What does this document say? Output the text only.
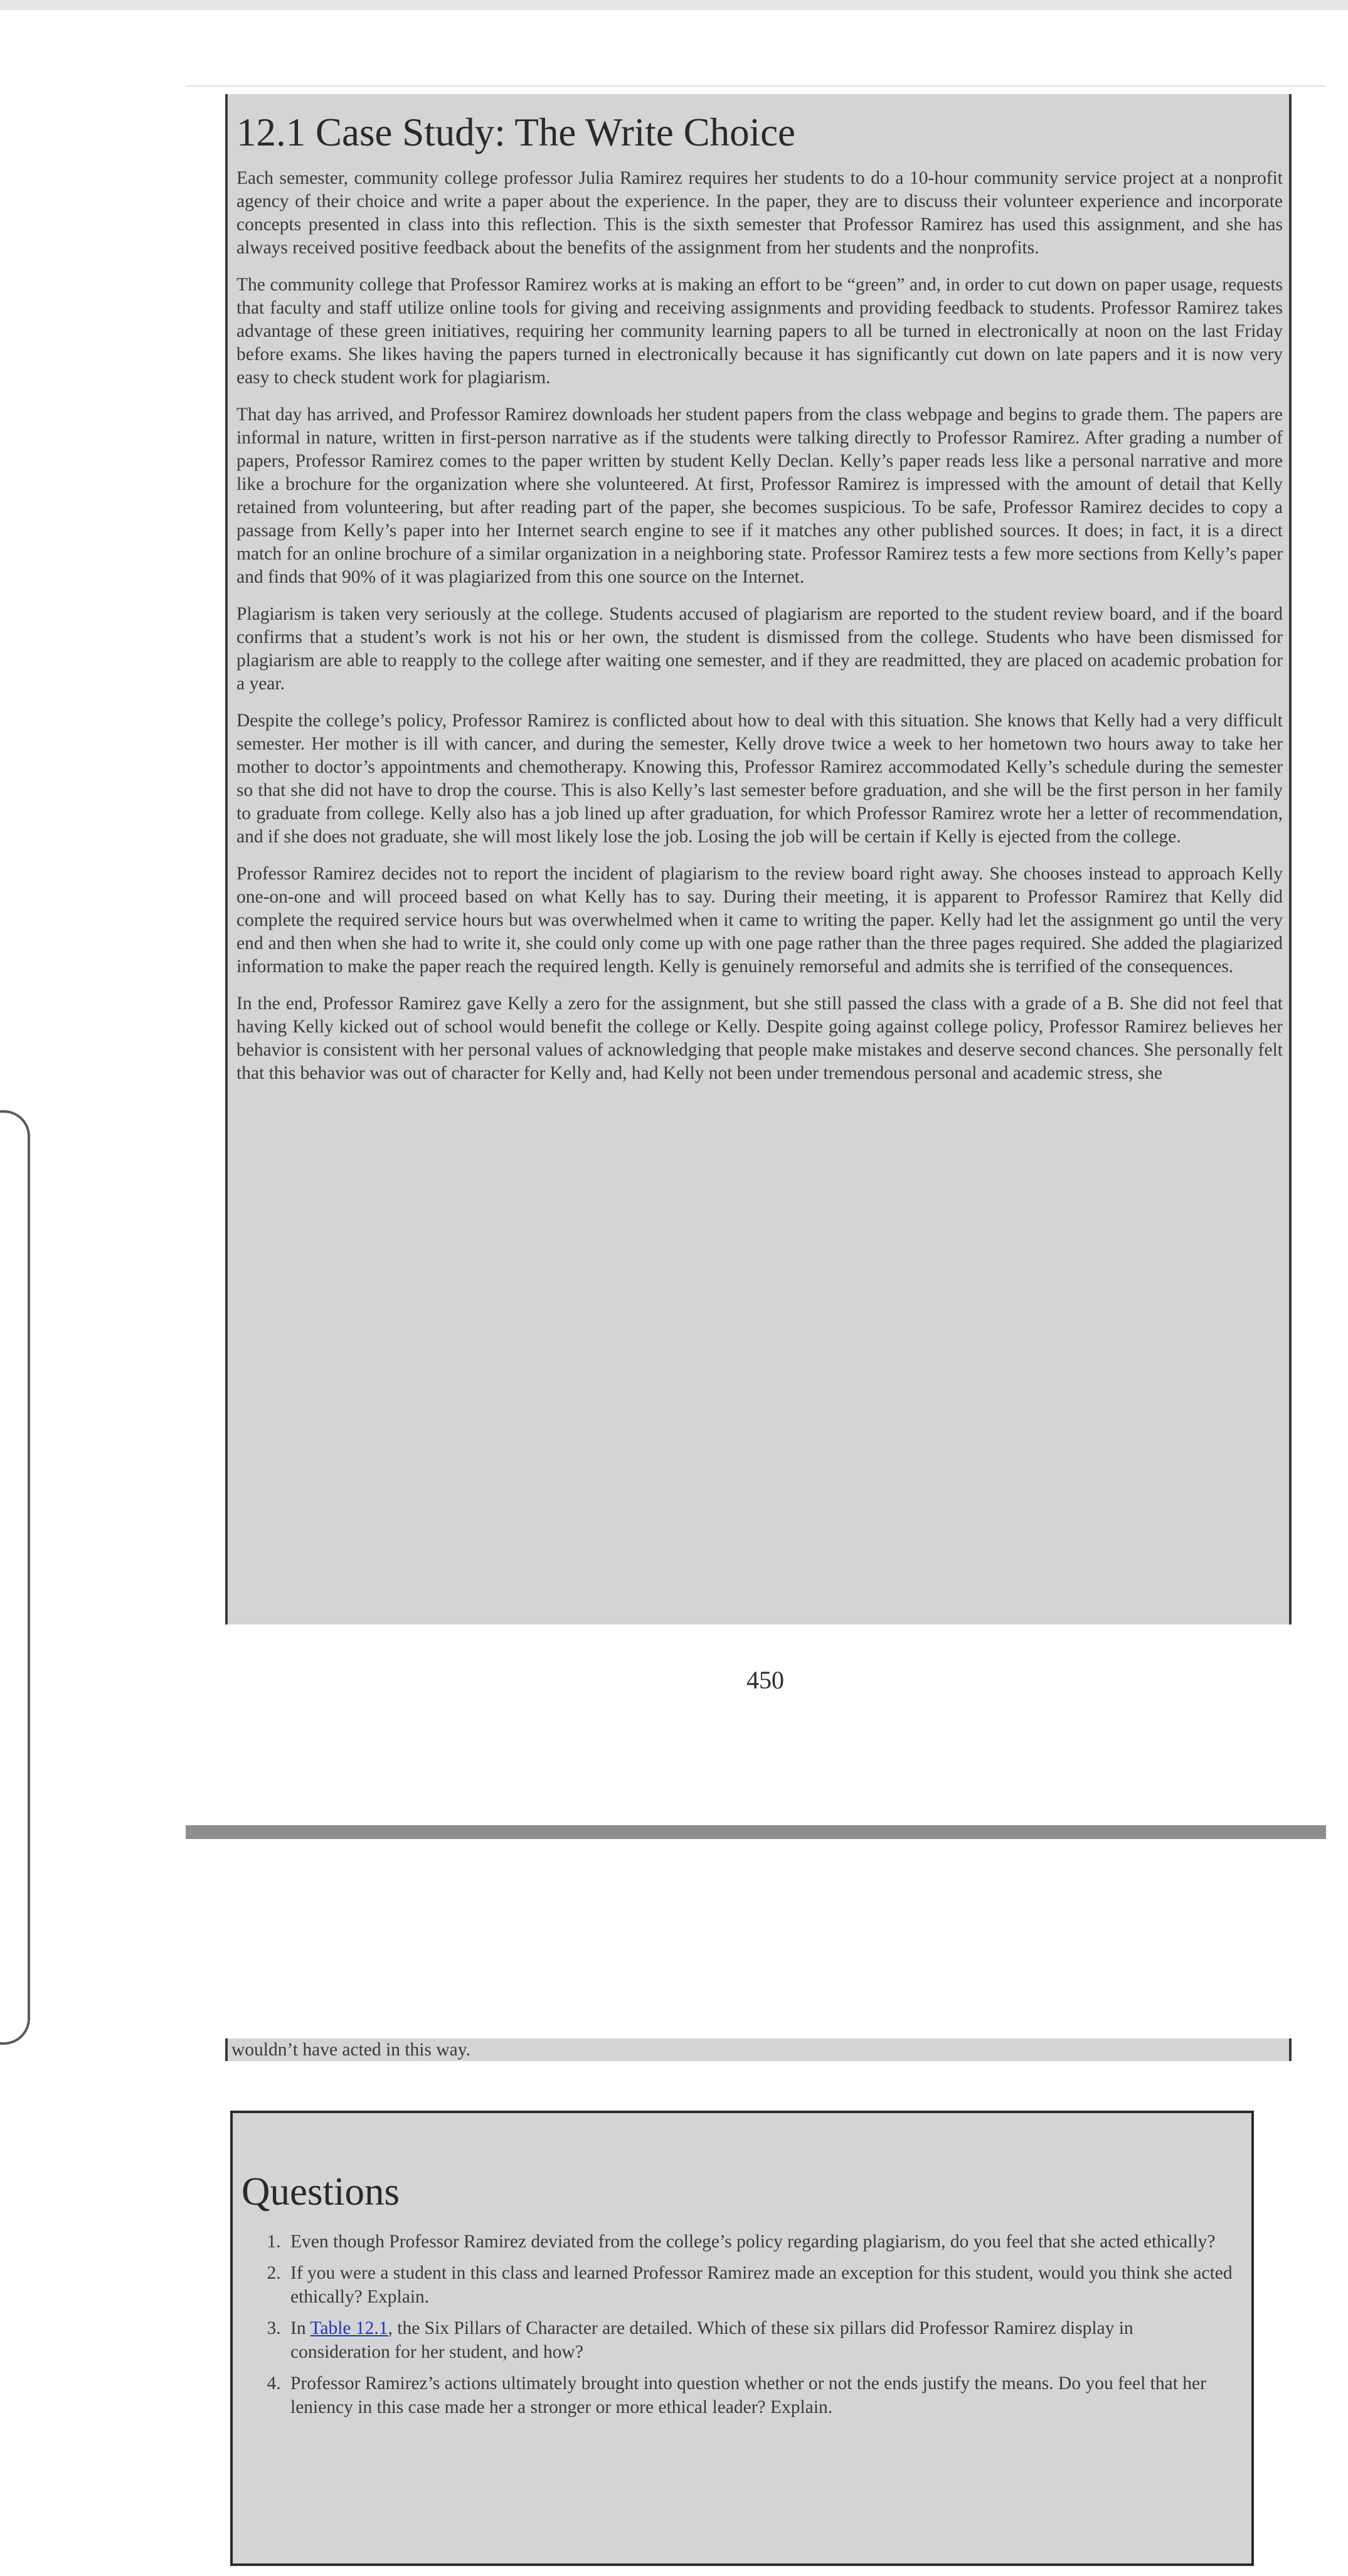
12.1 Case Study: The Write Choice

Each semester, community college professor Julia Ramirez requires her students to do a 10-hour community service project at a nonprofit agency of their choice and write a paper about the experience. In the paper, they are to discuss their volunteer experience and incorporate concepts presented in class into this reflection. This is the sixth semester that Professor Ramirez has used this assignment, and she has always received positive feedback about the benefits of the assignment from her students and the nonprofits.

The community college that Professor Ramirez works at is making an effort to be “green” and, in order to cut down on paper usage, requests that faculty and staff utilize online tools for giving and receiving assignments and providing feedback to students. Professor Ramirez takes advantage of these green initiatives, requiring her community learning papers to all be turned in electronically at noon on the last Friday before exams. She likes having the papers turned in electronically because it has significantly cut down on late papers and it is now very easy to check student work for plagiarism.

That day has arrived, and Professor Ramirez downloads her student papers from the class webpage and begins to grade them. The papers are informal in nature, written in first-person narrative as if the students were talking directly to Professor Ramirez. After grading a number of papers, Professor Ramirez comes to the paper written by student Kelly Declan. Kelly’s paper reads less like a personal narrative and more like a brochure for the organization where she volunteered. At first, Professor Ramirez is impressed with the amount of detail that Kelly retained from volunteering, but after reading part of the paper, she becomes suspicious. To be safe, Professor Ramirez decides to copy a passage from Kelly’s paper into her Internet search engine to see if it matches any other published sources. It does; in fact, it is a direct match for an online brochure of a similar organization in a neighboring state. Professor Ramirez tests a few more sections from Kelly’s paper and finds that 90% of it was plagiarized from this one source on the Internet.

Plagiarism is taken very seriously at the college. Students accused of plagiarism are reported to the student review board, and if the board confirms that a student’s work is not his or her own, the student is dismissed from the college. Students who have been dismissed for plagiarism are able to reapply to the college after waiting one semester, and if they are readmitted, they are placed on academic probation for a year.

Despite the college’s policy, Professor Ramirez is conflicted about how to deal with this situation. She knows that Kelly had a very difficult semester. Her mother is ill with cancer, and during the semester, Kelly drove twice a week to her hometown two hours away to take her mother to doctor’s appointments and chemotherapy. Knowing this, Professor Ramirez accommodated Kelly’s schedule during the semester so that she did not have to drop the course. This is also Kelly’s last semester before graduation, and she will be the first person in her family to graduate from college. Kelly also has a job lined up after graduation, for which Professor Ramirez wrote her a letter of recommendation, and if she does not graduate, she will most likely lose the job. Losing the job will be certain if Kelly is ejected from the college.

Professor Ramirez decides not to report the incident of plagiarism to the review board right away. She chooses instead to approach Kelly one-on-one and will proceed based on what Kelly has to say. During their meeting, it is apparent to Professor Ramirez that Kelly did complete the required service hours but was overwhelmed when it came to writing the paper. Kelly had let the assignment go until the very end and then when she had to write it, she could only come up with one page rather than the three pages required. She added the plagiarized information to make the paper reach the required length. Kelly is genuinely remorseful and admits she is terrified of the consequences.

In the end, Professor Ramirez gave Kelly a zero for the assignment, but she still passed the class with a grade of a B. She did not feel that having Kelly kicked out of school would benefit the college or Kelly. Despite going against college policy, Professor Ramirez believes her behavior is consistent with her personal values of acknowledging that people make mistakes and deserve second chances. She personally felt that this behavior was out of character for Kelly and, had Kelly not been under tremendous personal and academic stress, she

450

wouldn’t have acted in this way.

Questions
1. Even though Professor Ramirez deviated from the college’s policy regarding plagiarism, do you feel that she acted ethically?
2. If you were a student in this class and learned Professor Ramirez made an exception for this student, would you think she acted ethically? Explain.
3. In Table 12.1, the Six Pillars of Character are detailed. Which of these six pillars did Professor Ramirez display in consideration for her student, and how?
4. Professor Ramirez’s actions ultimately brought into question whether or not the ends justify the means. Do you feel that her leniency in this case made her a stronger or more ethical leader? Explain.
